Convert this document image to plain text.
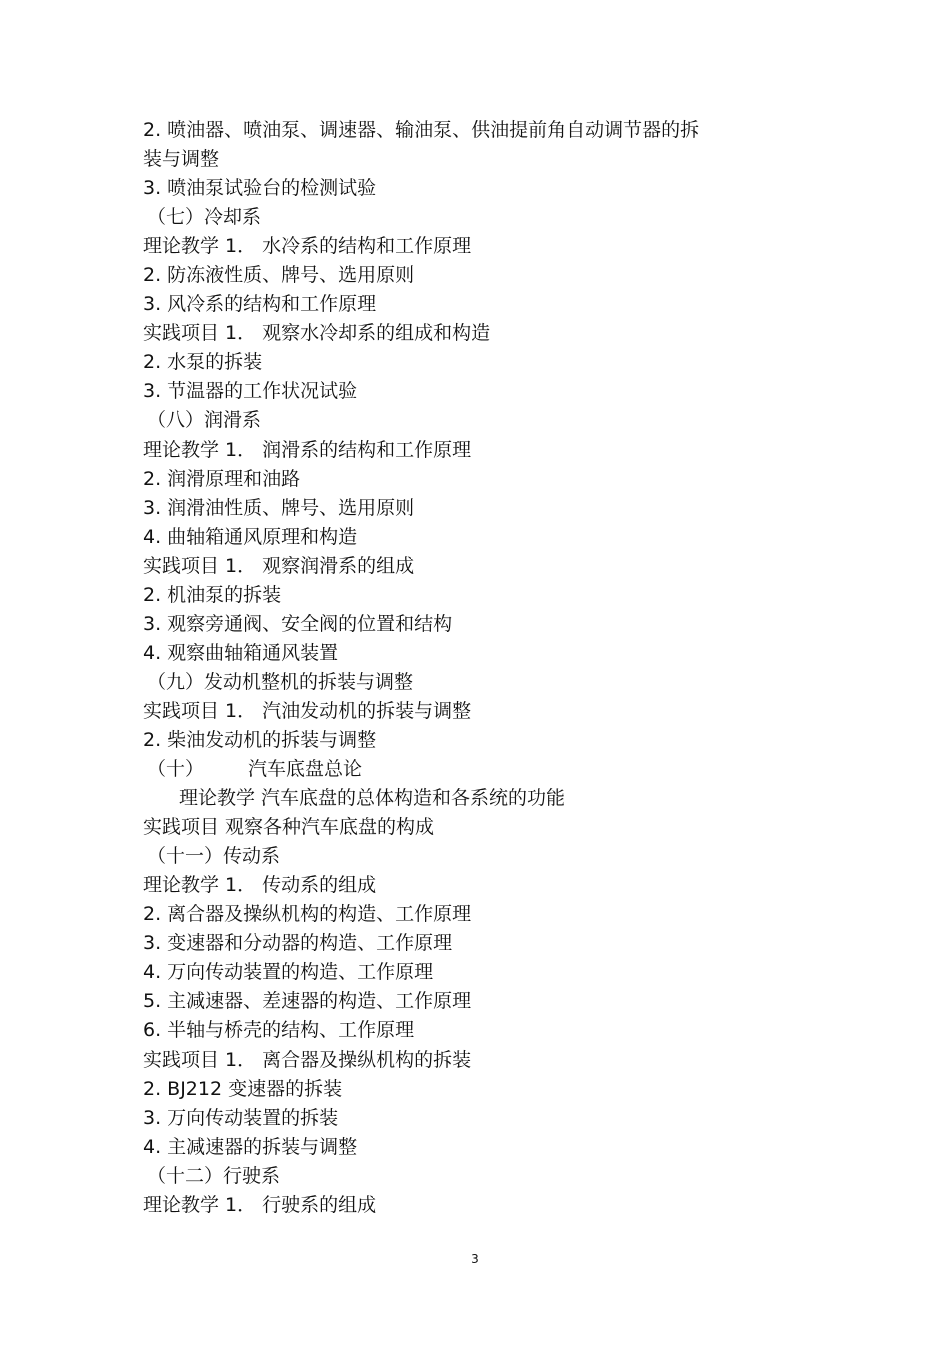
2. 喷油器、喷油泵、调速器、输油泵、供油提前角自动调节器的拆
装与调整
3. 喷油泵试验台的检测试验
（七）冷却系
理论教学 1． 水冷系的结构和工作原理
2. 防冻液性质、牌号、选用原则
3. 风冷系的结构和工作原理
实践项目 1． 观察水冷却系的组成和构造
2. 水泵的拆装
3. 节温器的工作状况试验
（八）润滑系
理论教学 1． 润滑系的结构和工作原理
2. 润滑原理和油路
3. 润滑油性质、牌号、选用原则
4. 曲轴箱通风原理和构造
实践项目 1． 观察润滑系的组成
2. 机油泵的拆装
3. 观察旁通阀、安全阀的位置和结构
4. 观察曲轴箱通风装置
（九）发动机整机的拆装与调整
实践项目 1． 汽油发动机的拆装与调整
2. 柴油发动机的拆装与调整
（十） 汽车底盘总论
理论教学 汽车底盘的总体构造和各系统的功能
实践项目 观察各种汽车底盘的构成
（十一）传动系
理论教学 1． 传动系的组成
2. 离合器及操纵机构的构造、工作原理
3. 变速器和分动器的构造、工作原理
4. 万向传动装置的构造、工作原理
5. 主减速器、差速器的构造、工作原理
6. 半轴与桥壳的结构、工作原理
实践项目 1． 离合器及操纵机构的拆装
2. BJ212 变速器的拆装
3. 万向传动装置的拆装
4. 主减速器的拆装与调整
（十二）行驶系
理论教学 1． 行驶系的组成
3
